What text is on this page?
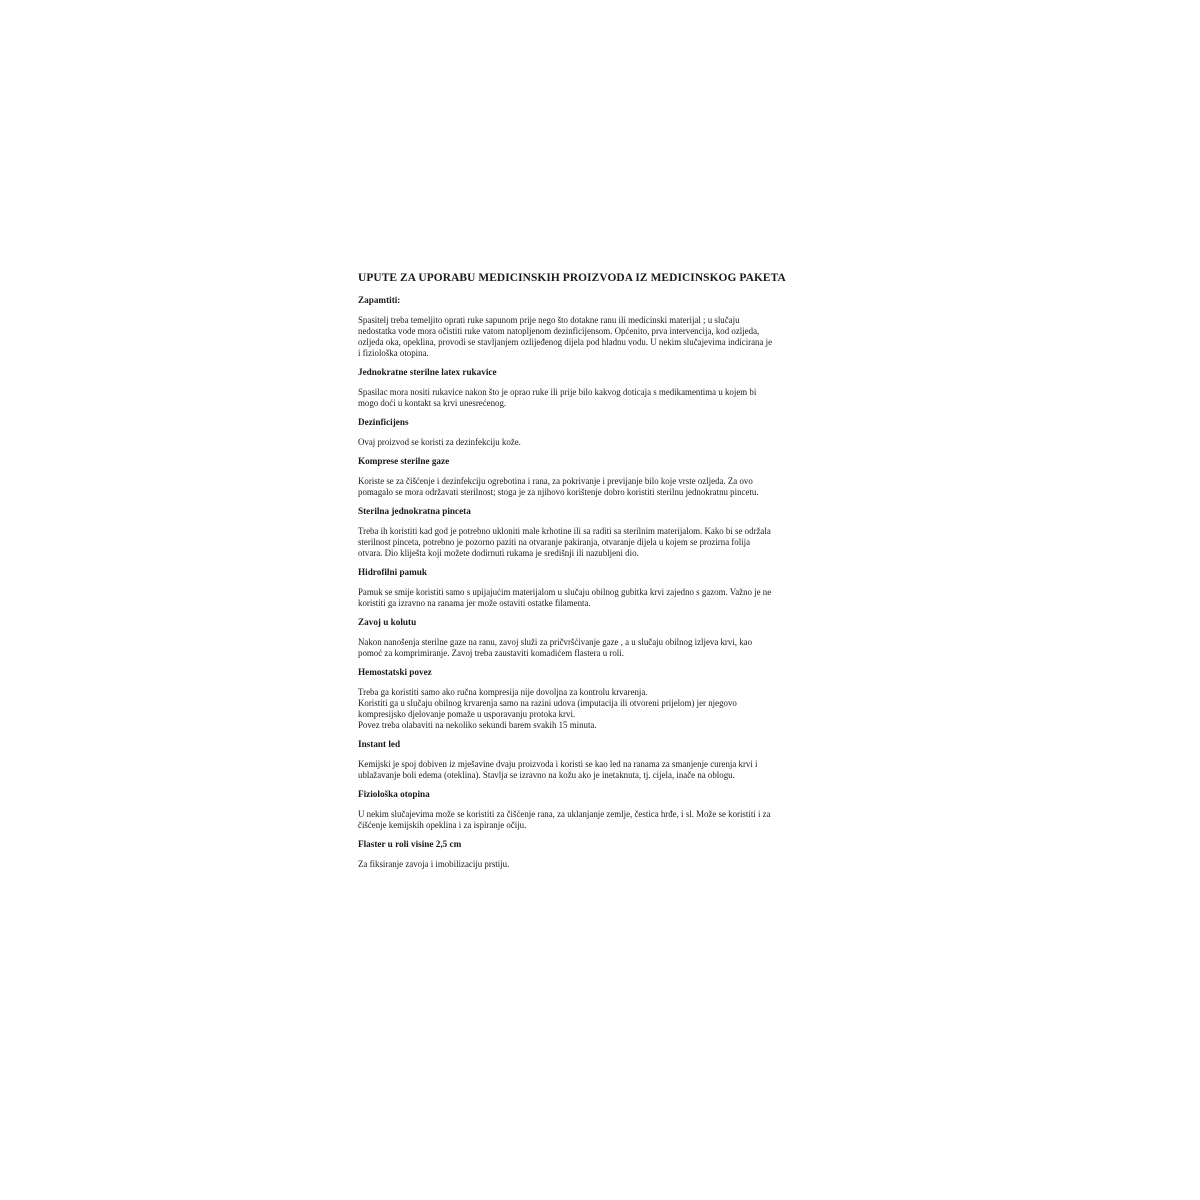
UPUTE ZA UPORABU MEDICINSKIH PROIZVODA IZ MEDICINSKOG PAKETA
Zapamtiti:
Spasitelj treba temeljito oprati ruke sapunom prije nego što dotakne ranu ili medicinski materijal ; u slučaju
nedostatka vode mora očistiti ruke vatom natopljenom dezinficijensom. Općenito, prva intervencija, kod ozljeda,
ozljeda oka, opeklina, provodi se stavljanjem ozlijeđenog dijela pod hladnu vodu. U nekim slučajevima indicirana je
i fiziološka otopina.
Jednokratne sterilne latex rukavice
Spasilac mora nositi rukavice nakon što je oprao ruke ili prije bilo kakvog doticaja s medikamentima u kojem bi
mogo doći u kontakt sa krvi unesrećenog.
Dezinficijens
Ovaj proizvod se koristi za dezinfekciju kože.
Komprese sterilne gaze
Koriste se za čišćenje i dezinfekciju ogrebotina i rana, za pokrivanje i previjanje bilo koje vrste ozljeda. Za ovo
pomagalo se mora održavati sterilnost; stoga je za njihovo korištenje dobro koristiti sterilnu jednokratnu pincetu.
Sterilna jednokratna pinceta
Treba ih koristiti kad god je potrebno ukloniti male krhotine ili sa raditi sa sterilnim materijalom. Kako bi se održala
sterilnost pinceta, potrebno je pozorno paziti na otvaranje pakiranja, otvaranje dijela u kojem se prozirna folija
otvara. Dio kliješta koji možete dodirnuti rukama je središnji ili nazubljeni dio.
Hidrofilni pamuk
Pamuk se smije koristiti samo s upijajućim materijalom u slučaju obilnog gubitka krvi zajedno s gazom. Važno je ne
koristiti ga izravno na ranama jer može ostaviti ostatke filamenta.
Zavoj u kolutu
Nakon nanošenja sterilne gaze na ranu, zavoj služi za pričvršćivanje gaze , a u slučaju obilnog izljeva krvi, kao
pomoć za komprimiranje. Zavoj treba zaustaviti komadićem flastera u roli.
Hemostatski povez
Treba ga koristiti samo ako ručna kompresija nije dovoljna za kontrolu krvarenja.
Koristiti ga u slučaju obilnog krvarenja samo na razini udova (imputacija ili otvoreni prijelom) jer njegovo
kompresijsko djelovanje pomaže u usporavanju protoka krvi.
Povez treba olabaviti na nekoliko sekundi barem svakih 15 minuta.
Instant led
Kemijski je spoj dobiven iz mješavine dvaju proizvoda i koristi se kao led na ranama za smanjenje curenja krvi i
ublažavanje boli edema (oteklina). Stavlja se izravno na kožu ako je inetaknuta, tj. cijela, inače na oblogu.
Fiziološka otopina
U nekim slučajevima može se koristiti za čišćenje rana, za uklanjanje zemlje, čestica hrđe, i sl. Može se koristiti i za
čišćenje kemijskih opeklina i za ispiranje očiju.
Flaster u roli visine 2,5 cm
Za fiksiranje zavoja i imobilizaciju prstiju.
